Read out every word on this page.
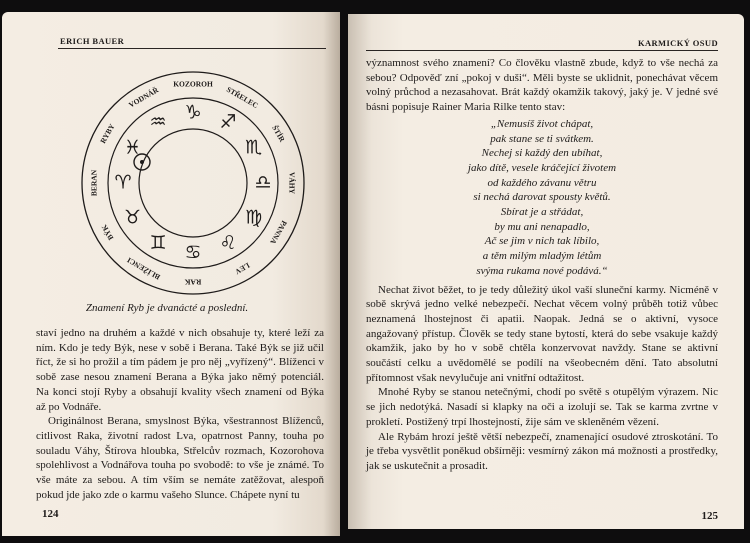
ERICH BAUER
KOZOROH
STŘELEC
ŠTÍR
VÁHY
PANNA
LEV
RAK
BLÍŽENCI
BÝK
BERAN
RYBY
VODNÁŘ
♑ ♐
♏
♎
♍
♌
♋
♊
♉
♈
♓
♒
Znamení Ryb je dvanácté a poslední.

staví jedno na druhém a každé v nich obsahuje ty, které leží za ním. Kdo je tedy Býk, nese v sobě i Berana. Také Býk se již učil říct, že si ho prožil a tím pádem je pro něj „vyřízený“. Blíženci v sobě zase nesou znamení Berana a Býka jako němý potenciál. Na konci stojí Ryby a obsahují kvality všech znamení od Býka až po Vodnáře.

Originálnost Berana, smyslnost Býka, všestrannost Blíženců, citlivost Raka, životní radost Lva, opatrnost Panny, touha po souladu Váhy, Štírova hloubka, Střelcův rozmach, Kozorohova spolehlivost a Vodnářova touha po svobodě: to vše je známé. To vše máte za sebou. A tím vším se nemáte zatěžovat, alespoň pokud jde jako zde o karmu vašeho Slunce. Chápete nyní tu

124
KARMICKÝ OSUD

významnost svého znamení? Co člověku vlastně zbude, když to vše nechá za sebou? Odpověď zní „pokoj v duši“. Měli byste se uklidnit, ponechávat věcem volný průchod a nezasahovat. Brát každý okamžik takový, jaký je. V jedné své básni popisuje Rainer Maria Rilke tento stav:

„Nemusíš život chápat,
pak stane se ti svátkem.
Nechej si každý den ubíhat,
jako dítě, vesele kráčející životem
od každého závanu větru
si nechá darovat spousty květů.
Sbírat je a střádat,
by mu ani nenapadlo,
Ač se jim v nich tak líbilo,
a těm milým mladým létům
svýma rukama nové podává.“

Nechat život běžet, to je tedy důležitý úkol vaší sluneční karmy. Nicméně v sobě skrývá jedno velké nebezpečí. Nechat věcem volný průběh totiž vůbec neznamená lhostejnost či apatii. Naopak. Jedná se o aktivní, vysoce angažovaný přístup. Člověk se tedy stane bytostí, která do sebe vsakuje každý okamžik, jako by ho v sobě chtěla konzervovat navždy. Stane se aktivní součástí celku a uvědomělé se podílí na všeobecném dění. Tato absolutní přítomnost však nevylučuje ani vnitřní odtažitost.

Mnohé Ryby se stanou netečnými, chodí po světě s otupělým výrazem. Nic se jich nedotýká. Nasadí si klapky na oči a izolují se. Tak se karma zvrtne v prokletí. Postižený trpí lhostejností, žije sám ve skleněném vězení.

Ale Rybám hrozí ještě větší nebezpečí, znamenající osudové ztroskotání. To je třeba vysvětlit poněkud obšírněji: vesmírný zákon má možnosti a prostředky, jak se uskutečnit a prosadit.

125
